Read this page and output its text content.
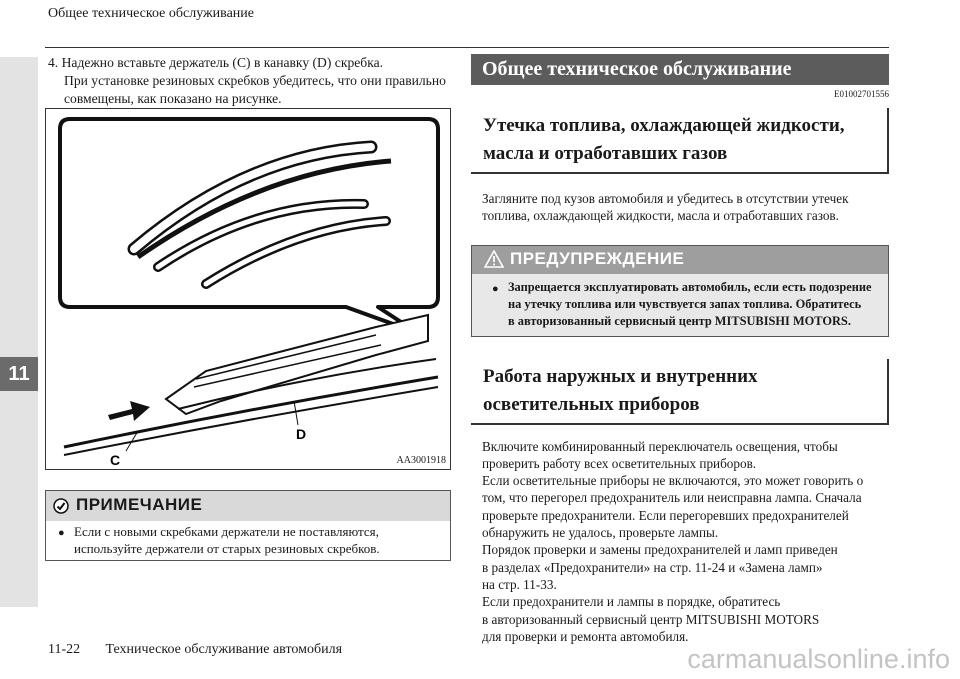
11
Общее техническое обслуживание

4. Надежно вставьте держатель (C) в канавку (D) скребка.

При установке резиновых скребков убедитесь, что они правильно совмещены, как показано на рисунке.

C
D
AA3001918
ПРИМЕЧАНИЕ
● Если с новыми скребками держатели не поставляются, используйте держатели от старых резиновых скребков.
Общее техническое обслуживание
E01002701556
Утечка топлива, охлаждающей жидкости, масла и отработавших газов

Загляните под кузов автомобиля и убедитесь в отсутствии утечек топлива, охлаждающей жидкости, масла и отработавших газов.

ПРЕДУПРЕЖДЕНИЕ
● Запрещается эксплуатировать автомобиль, если есть подозрение
на утечку топлива или чувствуется запах топлива. Обратитесь
в авторизованный сервисный центр MITSUBISHI MOTORS.
Работа наружных и внутренних осветительных приборов
Включите комбинированный переключатель освещения, чтобы
проверить работу всех осветительных приборов.
Если осветительные приборы не включаются, это может говорить о
том, что перегорел предохранитель или неисправна лампа. Сначала
проверьте предохранители. Если перегоревших предохранителей
обнаружить не удалось, проверьте лампы.
Порядок проверки и замены предохранителей и ламп приведен
в разделах «Предохранители» на стр. 11-24 и «Замена ламп»
на стр. 11-33.
Если предохранители и лампы в порядке, обратитесь
в авторизованный сервисный центр MITSUBISHI MOTORS
для проверки и ремонта автомобиля.
11-22 Техническое обслуживание автомобиля	carmanualsonline.info
